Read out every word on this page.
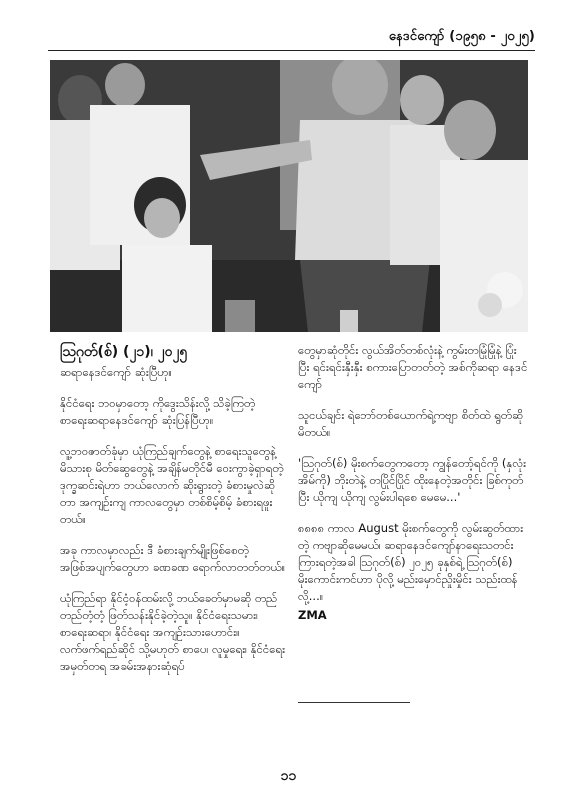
နေဒင်ကျော် (၁၉၅၈ - ၂၀၂၅)

ဩဂုတ်(စ်) (၂၁)၊ ၂၀၂၅

ဆရာနေဒင်ကျော် ဆုံးပြီဟု။

နိုင်ငံရေး ဘဝမှာတော့ ကိုဒွေးသိန်းလို့ သိခဲ့ကြတဲ့ စာရေးဆရာနေဒင်ကျော် ဆုံးပြန်ပြီဟု။

လူ့ဘဝဇာတ်ခုံမှာ ယုံကြည်ချက်တွေနဲ့ စာရေးသူတွေနဲ့ မိသားစု မိတ်ဆွေတွေနဲ့ အချိန်မတိုင်မီ ဝေးကွာခဲ့ရှာရတဲ့ ဒုက္ခဆင်းရဲဟာ ဘယ်လောက် ဆိုးရွားတဲ့ ခံစားမှုလဲဆိုတာ အကျဉ်းကျ ကာလတွေမှာ တစ်စိမ့်စိမ့် ခံစားရဖူးတယ်။

အခု ကာလမှာလည်း ဒီ ခံစားချက်မျိုးဖြစ်စေတဲ့ အဖြစ်အပျက်တွေဟာ ခဏခဏ ရောက်လာတတ်တယ်။

ယုံကြည်ရာ နိုင်ငံ့ဝန်ထမ်းလို့ ဘယ်ခေတ်မှာမဆို တည်တည်တံ့တံ့ ဖြတ်သန်းနိုင်ခဲ့တဲ့သူ။ နိုင်ငံရေးသမား၊ စာရေးဆရာ၊ နိုင်ငံရေး အကျဉ်းသားဟောင်း။ လက်ဖက်ရည်ဆိုင် သို့မဟုတ် စာပေ၊ လူမှုရေး၊ နိုင်ငံရေး အမှတ်တရ အခမ်းအနားဆုံရပ်

တွေမှာဆုံတိုင်း လွယ်အိတ်တစ်လုံးနဲ့ ကွမ်းတမြုံမြုံနဲ့ ပြုံးပြီး ရင်းရင်းနှီးနှီး စကားပြောတတ်တဲ့ အစ်ကိုဆရာ နေဒင်ကျော်

သူငယ်ချင်း ရဲဘော်တစ်ယောက်ရဲ့ကဗျာ စိတ်ထဲ ရွတ်ဆိုမိတယ်။

'ဩဂုတ်(စ်) မိုးစက်တွေကတော့ ကျွန်တော့်ရင်ကို (နှလုံးအိမ်ကို) ဘိုးတဲနဲ့ တပြိုင်ပြိုင် ထိုးနေတဲ့အတိုင်း ခြစ်ကုတ်ပြီး ယိုကျ ယိုကျ လွမ်းပါရစေ မေမေ...'

၈၈၈၈ ကာလ August မိုးစက်တွေကို လွမ်းဆွတ်ထားတဲ့ ကဗျာဆိုမေမယ်၊ ဆရာနေဒင်ကျော်နာရေးသတင်း ကြားရတဲ့အခါ ဩဂုတ်(စ်) ၂၀၂၅ ခုနှစ်ရဲ့ ဩဂုတ်(စ်) မိုးကောင်းကင်ဟာ ပိုလို့ မည်းမှောင်ညှိုးမှိုင်း သည်းထန်လို့...။

ZMA

၁၁
